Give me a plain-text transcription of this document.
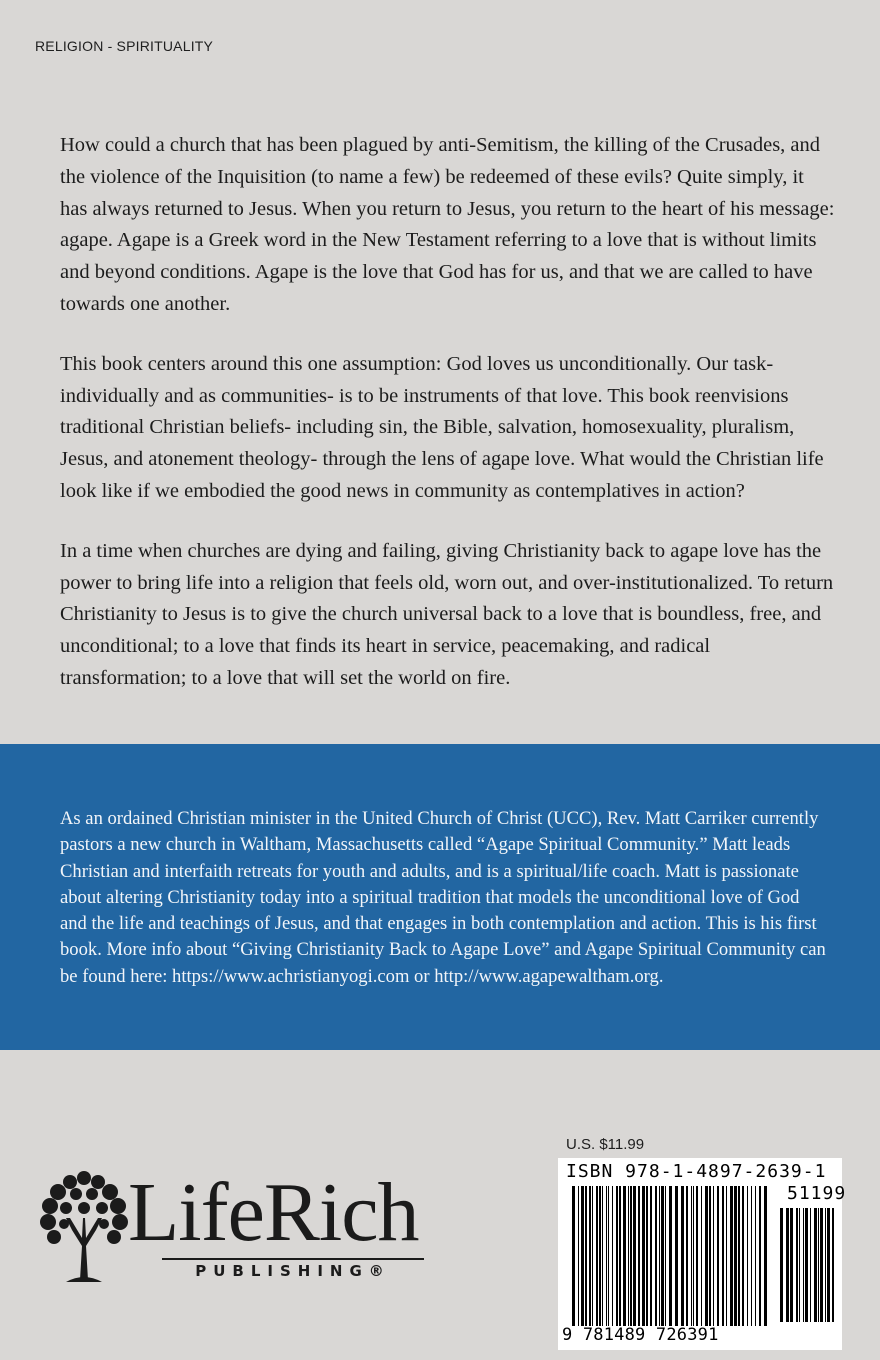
RELIGION - SPIRITUALITY

How could a church that has been plagued by anti-Semitism, the killing of the Crusades, and the violence of the Inquisition (to name a few) be redeemed of these evils? Quite simply, it has always returned to Jesus. When you return to Jesus, you return to the heart of his message: agape. Agape is a Greek word in the New Testament referring to a love that is without limits and beyond conditions. Agape is the love that God has for us, and that we are called to have towards one another.

This book centers around this one assumption: God loves us unconditionally. Our task- individually and as communities- is to be instruments of that love. This book reenvisions traditional Christian beliefs- including sin, the Bible, salvation, homosexuality, pluralism, Jesus, and atonement theology- through the lens of agape love. What would the Christian life look like if we embodied the good news in community as contemplatives in action?

In a time when churches are dying and failing, giving Christianity back to agape love has the power to bring life into a religion that feels old, worn out, and over-institutionalized. To return Christianity to Jesus is to give the church universal back to a love that is boundless, free, and unconditional; to a love that finds its heart in service, peacemaking, and radical transformation; to a love that will set the world on fire.

As an ordained Christian minister in the United Church of Christ (UCC), Rev. Matt Carriker currently pastors a new church in Waltham, Massachusetts called “Agape Spiritual Community.” Matt leads Christian and interfaith retreats for youth and adults, and is a spiritual/life coach. Matt is passionate about altering Christianity today into a spiritual tradition that models the unconditional love of God and the life and teachings of Jesus, and that engages in both contemplation and action. This is his first book. More info about “Giving Christianity Back to Agape Love” and Agape Spiritual Community can be found here: https://www.achristianyogi.com or http://www.agapewaltham.org.

LifeRich
PUBLISHING®
U.S. $11.99
ISBN 978-1-4897-2639-1
51199
9 781489 726391
